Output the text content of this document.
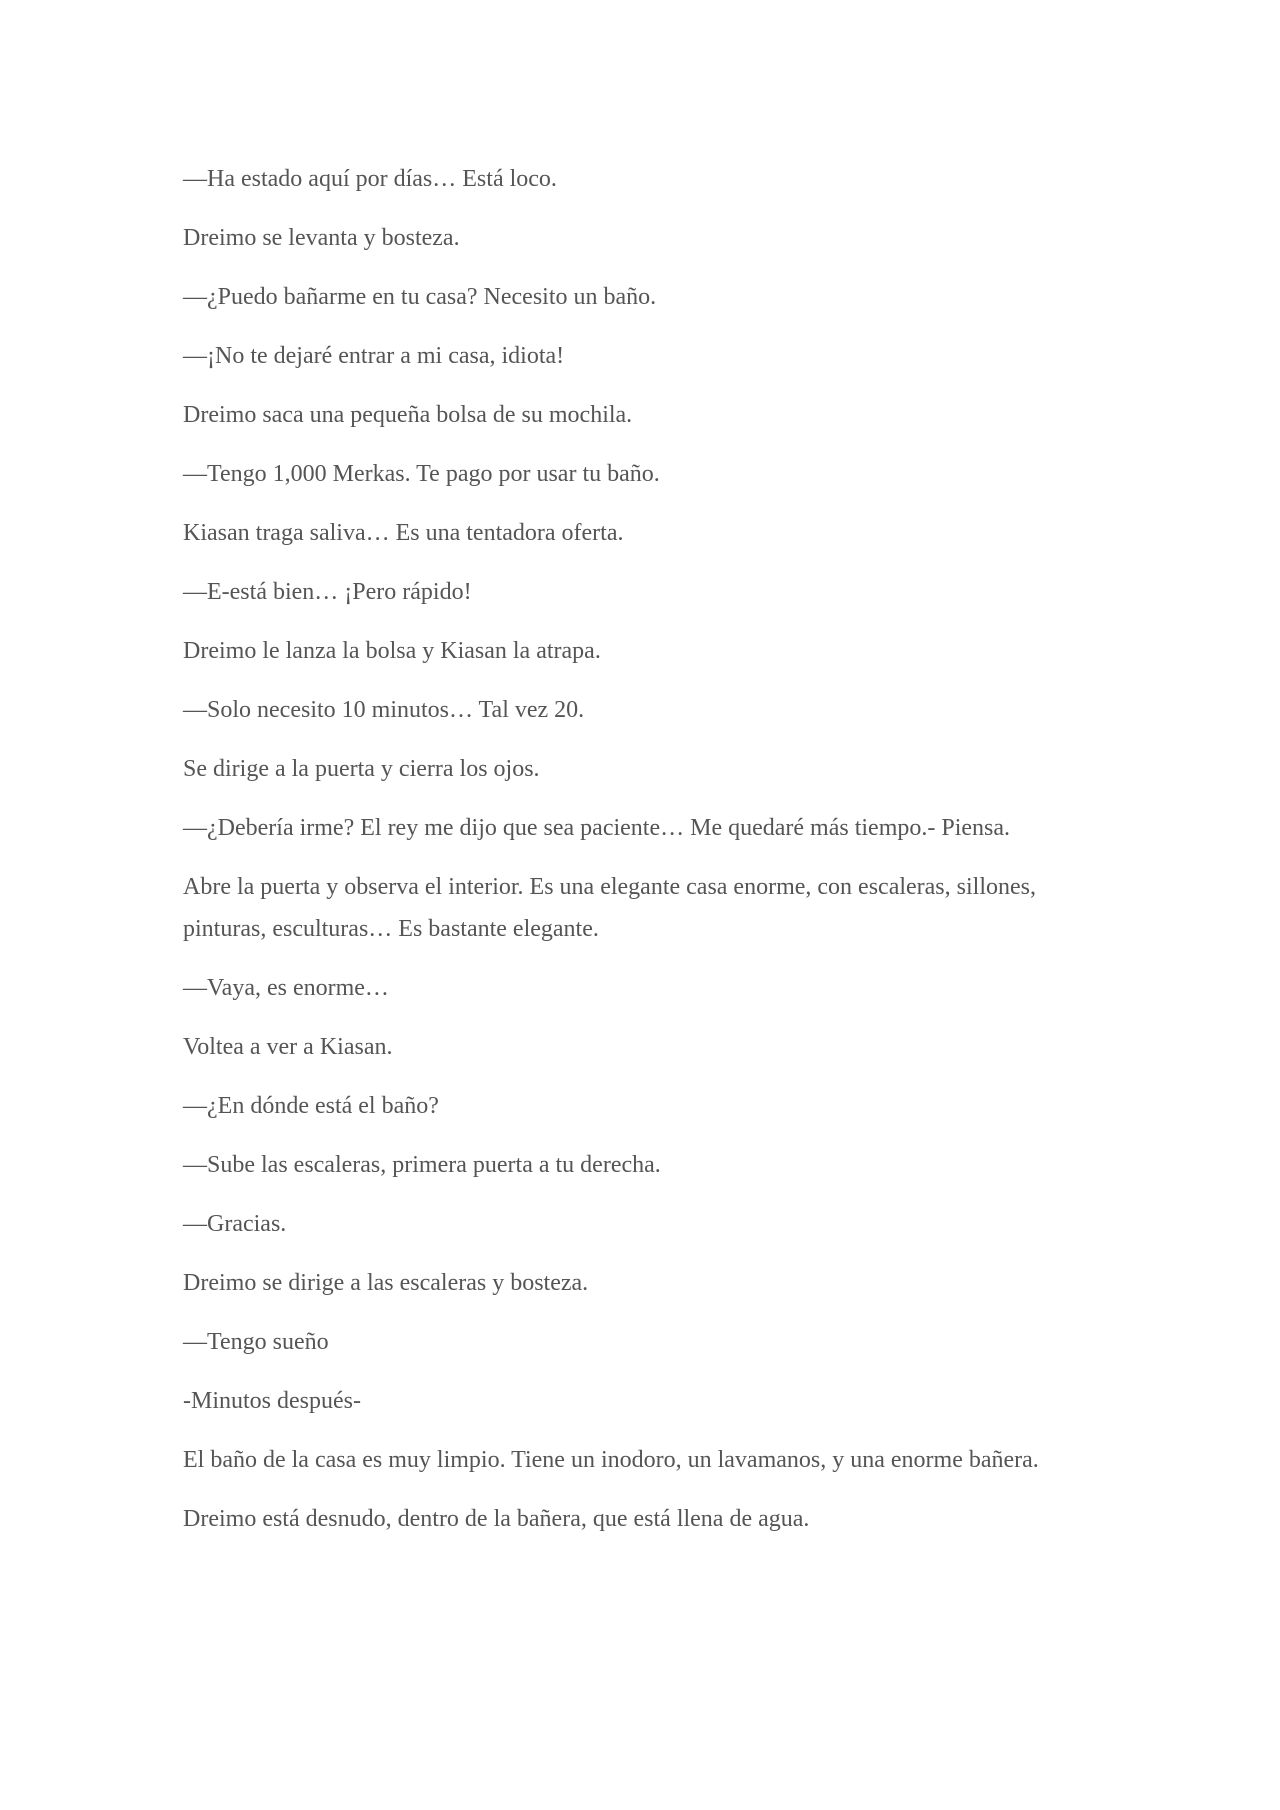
—Ha estado aquí por días… Está loco.

Dreimo se levanta y bosteza.

—¿Puedo bañarme en tu casa? Necesito un baño.

—¡No te dejaré entrar a mi casa, idiota!

Dreimo saca una pequeña bolsa de su mochila.

—Tengo 1,000 Merkas. Te pago por usar tu baño.

Kiasan traga saliva… Es una tentadora oferta.

—E-está bien… ¡Pero rápido!

Dreimo le lanza la bolsa y Kiasan la atrapa.

—Solo necesito 10 minutos… Tal vez 20.

Se dirige a la puerta y cierra los ojos.

—¿Debería irme? El rey me dijo que sea paciente… Me quedaré más tiempo.- Piensa.

Abre la puerta y observa el interior. Es una elegante casa enorme, con escaleras, sillones, pinturas, esculturas… Es bastante elegante.

—Vaya, es enorme…

Voltea a ver a Kiasan.

—¿En dónde está el baño?

—Sube las escaleras, primera puerta a tu derecha.

—Gracias.

Dreimo se dirige a las escaleras y bosteza.

—Tengo sueño

-Minutos después-

El baño de la casa es muy limpio. Tiene un inodoro, un lavamanos, y una enorme bañera.

Dreimo está desnudo, dentro de la bañera, que está llena de agua.
